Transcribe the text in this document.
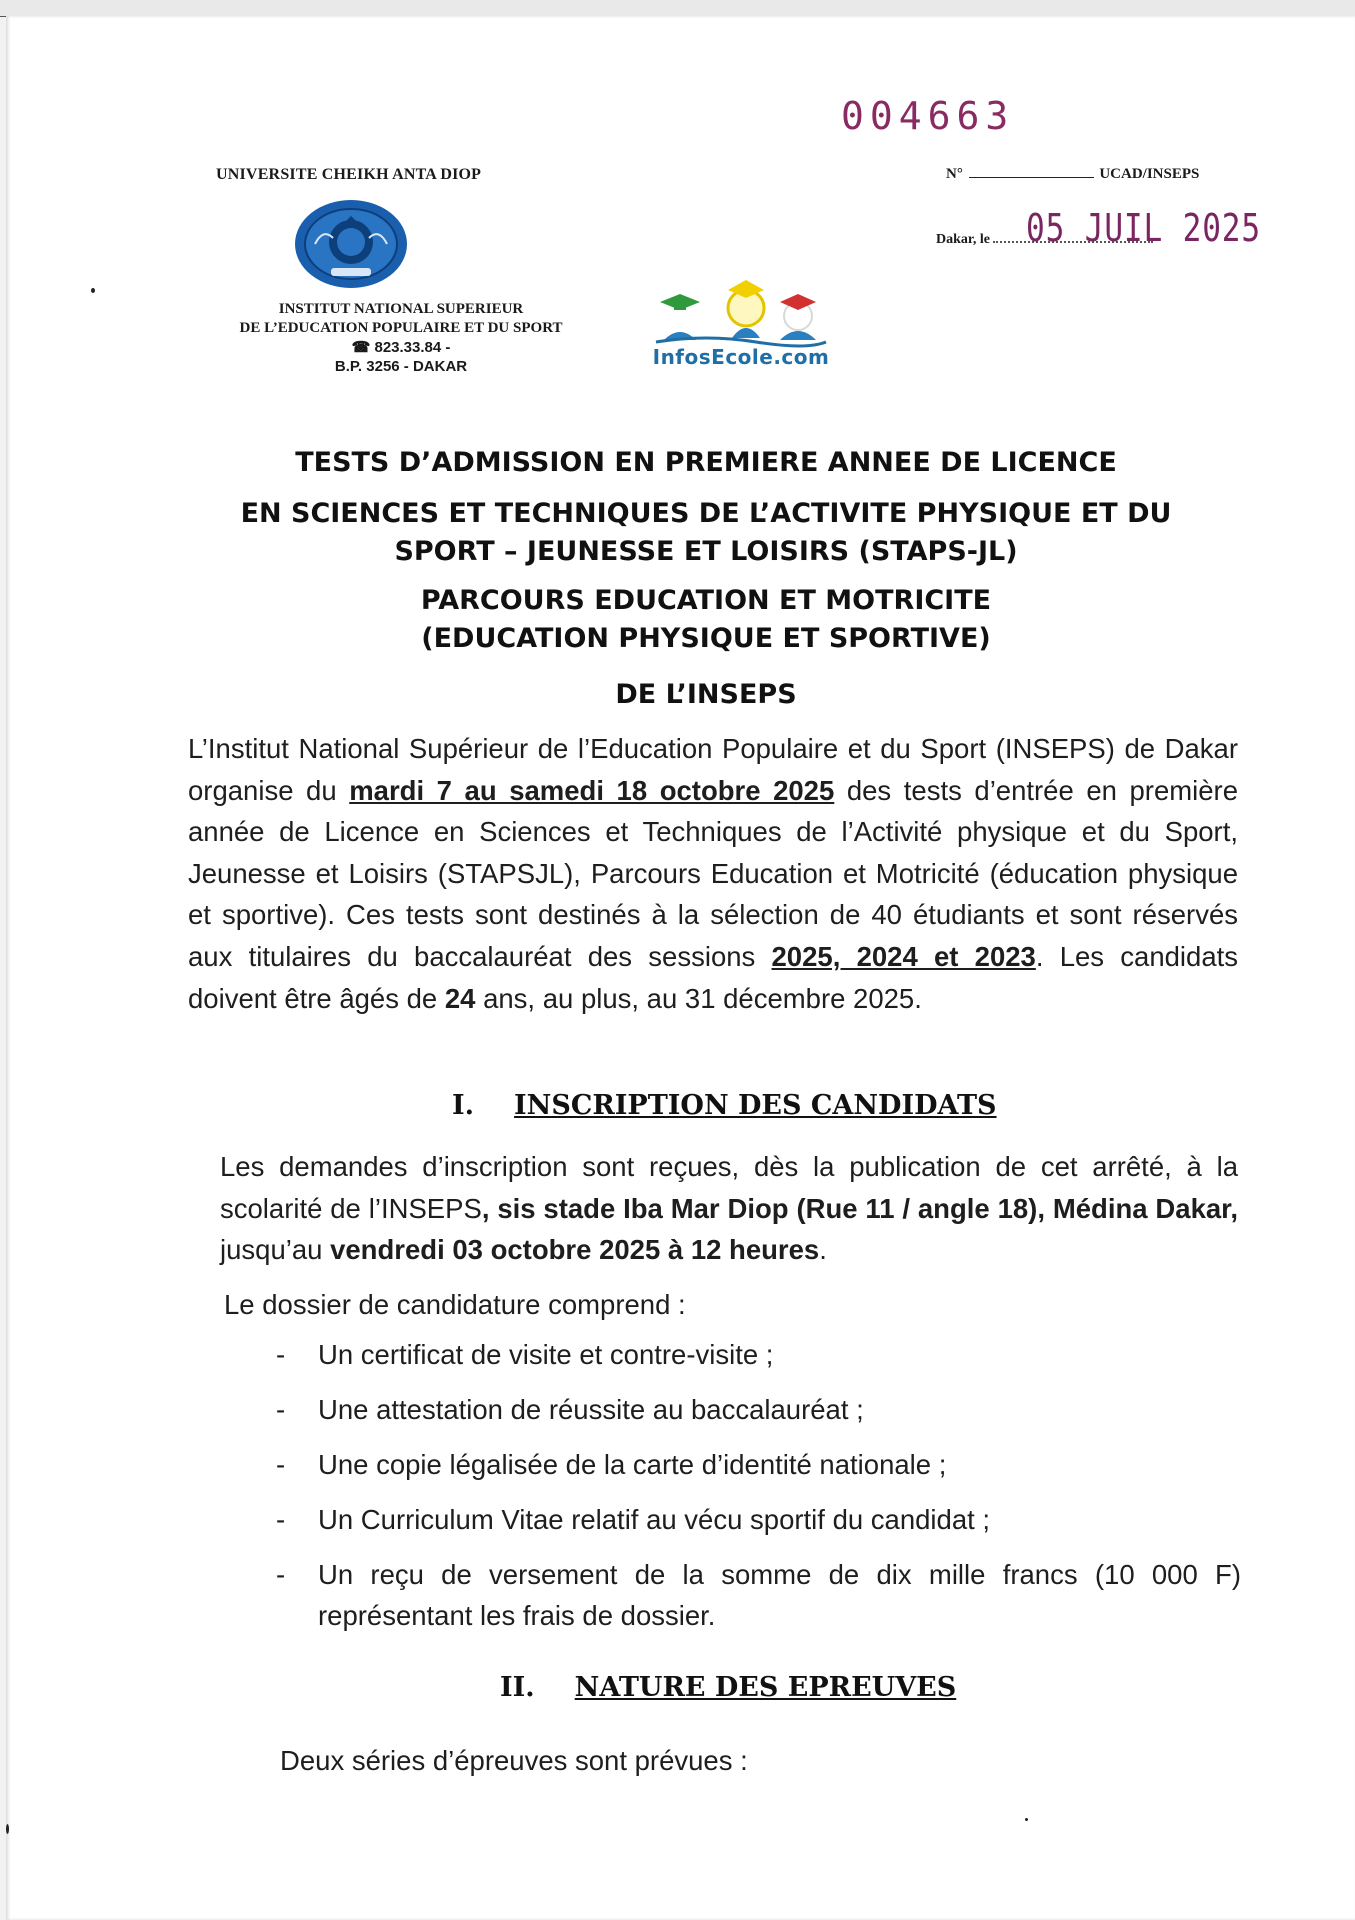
004663
UNIVERSITE CHEIKH ANTA DIOP	N°	UCAD/INSEPS
Dakar, le 05 JUIL 2025
INSTITUT NATIONAL SUPERIEUR
DE L’EDUCATION POPULAIRE ET DU SPORT
☎ 823.33.84 -
B.P. 3256 - DAKAR	InfosEcole.com
TESTS D’ADMISSION EN PREMIERE ANNEE DE LICENCE
EN SCIENCES ET TECHNIQUES DE L’ACTIVITE PHYSIQUE ET DU
SPORT – JEUNESSE ET LOISIRS (STAPS-JL)
PARCOURS EDUCATION ET MOTRICITE
(EDUCATION PHYSIQUE ET SPORTIVE)
DE L’INSEPS
L’Institut National Supérieur de l’Education Populaire et du Sport (INSEPS) de Dakar organise du mardi 7 au samedi 18 octobre 2025 des tests d’entrée en première année de Licence en Sciences et Techniques de l’Activité physique et du Sport, Jeunesse et Loisirs (STAPSJL), Parcours Education et Motricité (éducation physique et sportive). Ces tests sont destinés à la sélection de 40 étudiants et sont réservés aux titulaires du baccalauréat des sessions 2025, 2024 et 2023. Les candidats doivent être âgés de 24 ans, au plus, au 31 décembre 2025.
I. INSCRIPTION DES CANDIDATS
Les demandes d’inscription sont reçues, dès la publication de cet arrêté, à la scolarité de l’INSEPS, sis stade Iba Mar Diop (Rue 11 / angle 18), Médina Dakar, jusqu’au vendredi 03 octobre 2025 à 12 heures.
Le dossier de candidature comprend :
- Un certificat de visite et contre-visite ;
- Une attestation de réussite au baccalauréat ;
- Une copie légalisée de la carte d’identité nationale ;
- Un Curriculum Vitae relatif au vécu sportif du candidat ;
- Un reçu de versement de la somme de dix mille francs (10 000 F) représentant les frais de dossier.
II. NATURE DES EPREUVES
Deux séries d’épreuves sont prévues :
